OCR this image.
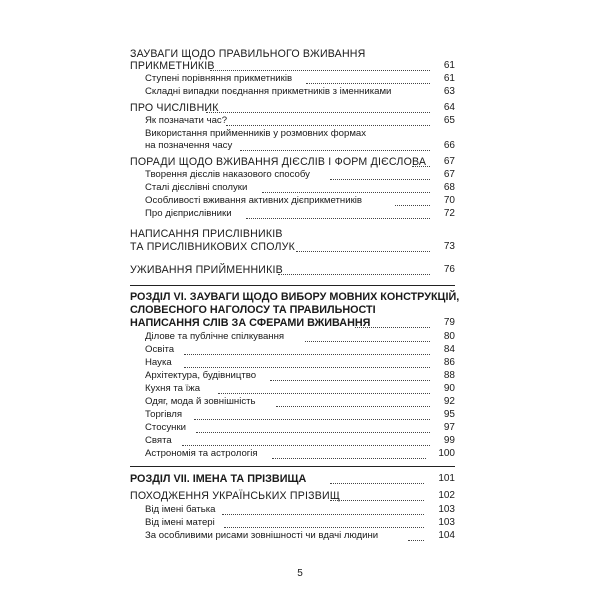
ЗАУВАГИ ЩОДО ПРАВИЛЬНОГО ВЖИВАННЯ
ПРИКМЕТНИКІВ	61
Ступені порівняння прикметників	61
Складні випадки поєднання прикметників з іменниками	63
ПРО ЧИСЛІВНИК	64
Як позначати час?	65
Використання прийменників у розмовних формах
на позначення часу	66
ПОРАДИ ЩОДО ВЖИВАННЯ ДІЄСЛІВ І ФОРМ ДІЄСЛОВА	67
Творення дієслів наказового способу	67
Сталі дієслівні сполуки	68
Особливості вживання активних дієприкметників	70
Про дієприслівники	72
НАПИСАННЯ ПРИСЛІВНИКІВ
ТА ПРИСЛІВНИКОВИХ СПОЛУК	73
УЖИВАННЯ ПРИЙМЕННИКІВ	76
РОЗДІЛ VI. ЗАУВАГИ ЩОДО ВИБОРУ МОВНИХ КОНСТРУКЦІЙ,
СЛОВЕСНОГО НАГОЛОСУ ТА ПРАВИЛЬНОСТІ
НАПИСАННЯ СЛІВ ЗА СФЕРАМИ ВЖИВАННЯ	79
Ділове та публічне спілкування	80
Освіта	84
Наука	86
Архітектура, будівництво	88
Кухня та їжа	90
Одяг, мода й зовнішність	92
Торгівля	95
Стосунки	97
Свята	99
Астрономія та астрологія	100
РОЗДІЛ VII. ІМЕНА ТА ПРІЗВИЩА	101
ПОХОДЖЕННЯ УКРАЇНСЬКИХ ПРІЗВИЩ	102
Від імені батька	103
Від імені матері	103
За особливими рисами зовнішності чи вдачі людини	104
5
